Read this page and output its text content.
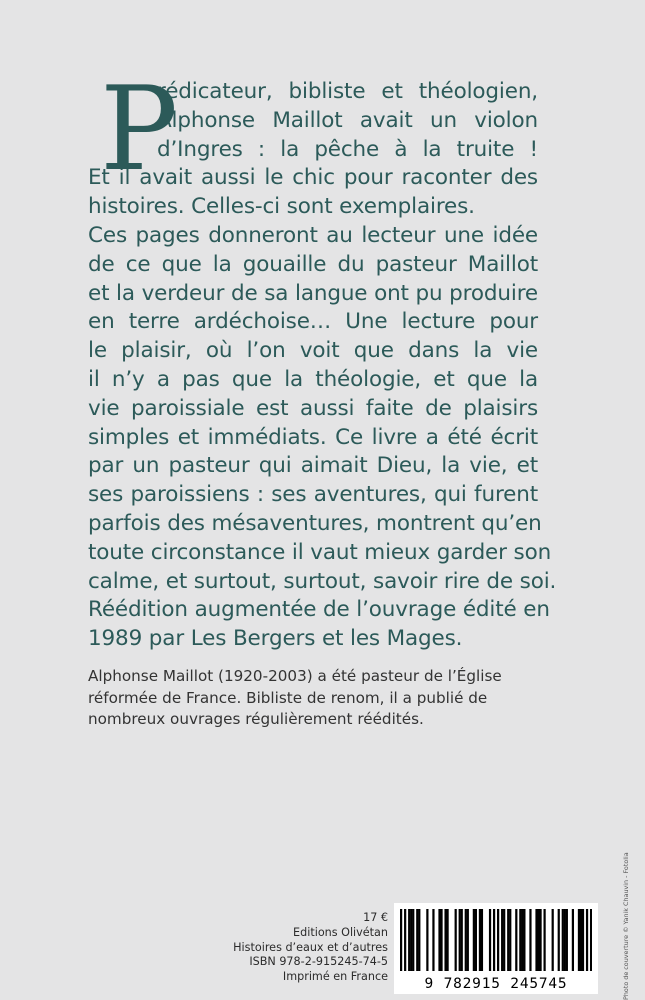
P
rédicateur, bibliste et théologien,
Alphonse Maillot avait un violon
d’Ingres : la pêche à la truite !

Et il avait aussi le chic pour raconter des
histoires. Celles-ci sont exemplaires.

Ces pages donneront au lecteur une idée
de ce que la gouaille du pasteur Maillot
et la verdeur de sa langue ont pu produire
en terre ardéchoise… Une lecture pour
le plaisir, où l’on voit que dans la vie
il n’y a pas que la théologie, et que la
vie paroissiale est aussi faite de plaisirs
simples et immédiats. Ce livre a été écrit
par un pasteur qui aimait Dieu, la vie, et
ses paroissiens : ses aventures, qui furent
parfois des mésaventures, montrent qu’en
toute circonstance il vaut mieux garder son
calme, et surtout, surtout, savoir rire de soi.
Réédition augmentée de l’ouvrage édité en
1989 par Les Bergers et les Mages.

Alphonse Maillot (1920-2003) a été pasteur de l’Église
réformée de France. Bibliste de renom, il a publié de
nombreux ouvrages régulièrement réédités.
17 €
Editions Olivétan
Histoires d’eaux et d’autres
ISBN 978-2-915245-74-5
Imprimé en France	9 782915 245745	Photo de couverture © Yanik Chauvin - Fotolia
